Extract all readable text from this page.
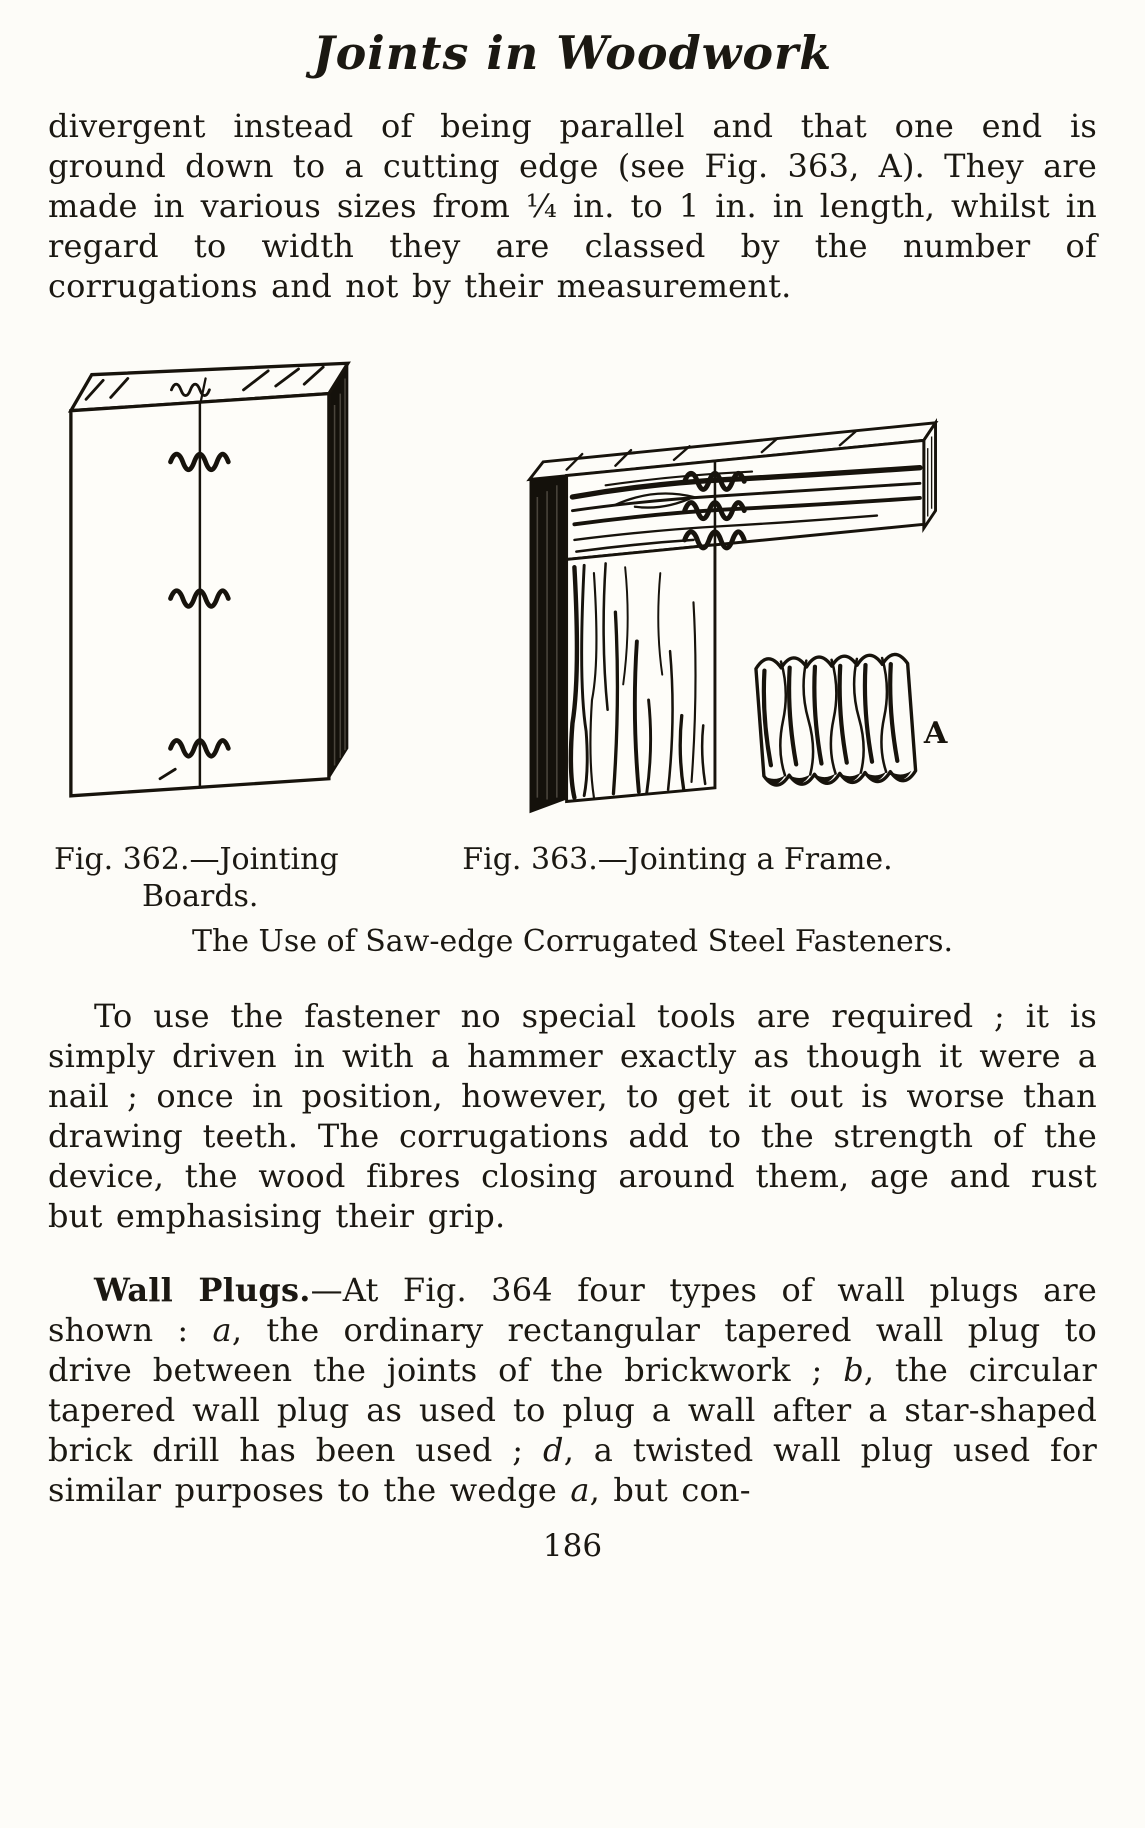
Joints in Woodwork

divergent instead of being parallel and that one end is ground down to a cutting edge (see Fig. 363, A). They are made in various sizes from ¼ in. to 1 in. in length, whilst in regard to width they are classed by the number of corrugations and not by their measurement.

A
Fig. 362.—Jointing
Boards.
Fig. 363.—Jointing a Frame.
The Use of Saw-edge Corrugated Steel Fasteners.

To use the fastener no special tools are required ; it is simply driven in with a hammer exactly as though it were a nail ; once in position, however, to get it out is worse than drawing teeth. The corrugations add to the strength of the device, the wood fibres closing around them, age and rust but emphasising their grip.

Wall Plugs.—At Fig. 364 four types of wall plugs are shown : a, the ordinary rectangular tapered wall plug to drive between the joints of the brickwork ; b, the circular tapered wall plug as used to plug a wall after a star-shaped brick drill has been used ; d, a twisted wall plug used for similar purposes to the wedge a, but con-

186
